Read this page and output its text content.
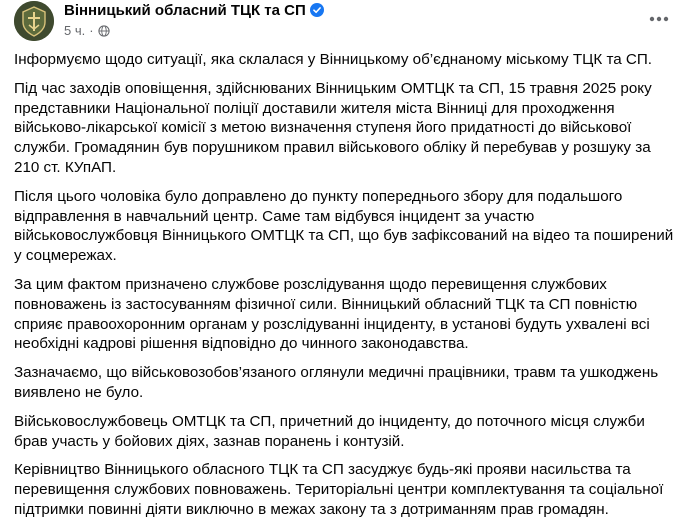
Вінницький обласний ТЦК та СП
5 ч. ·

Інформуємо щодо ситуації, яка склалася у Вінницькому об’єднаному міському ТЦК та СП.

Під час заходів оповіщення, здійснюваних Вінницьким ОМТЦК та СП, 15 травня 2025 року представники Національної поліції доставили жителя міста Вінниці для проходження військово-лікарської комісії з метою визначення ступеня його придатності до військової служби. Громадянин був порушником правил військового обліку й перебував у розшуку за 210 ст. КУпАП.

Після цього чоловіка було доправлено до пункту попереднього збору для подальшого відправлення в навчальний центр. Саме там відбувся інцидент за участю військовослужбовця Вінницького ОМТЦК та СП, що був зафіксований на відео та поширений у соцмережах.

За цим фактом призначено службове розслідування щодо перевищення службових повноважень із застосуванням фізичної сили. Вінницький обласний ТЦК та СП повністю сприяє правоохоронним органам у розслідуванні інциденту, в установі будуть ухвалені всі необхідні кадрові рішення відповідно до чинного законодавства.

Зазначаємо, що військовозобов’язаного оглянули медичні працівники, травм та ушкоджень виявлено не було.

Військовослужбовець ОМТЦК та СП, причетний до інциденту, до поточного місця служби брав участь у бойових діях, зазнав поранень і контузій.

Керівництво Вінницького обласного ТЦК та СП засуджує будь-які прояви насильства та перевищення службових повноважень. Територіальні центри комплектування та соціальної підтримки повинні діяти виключно в межах закону та з дотриманням прав громадян.
